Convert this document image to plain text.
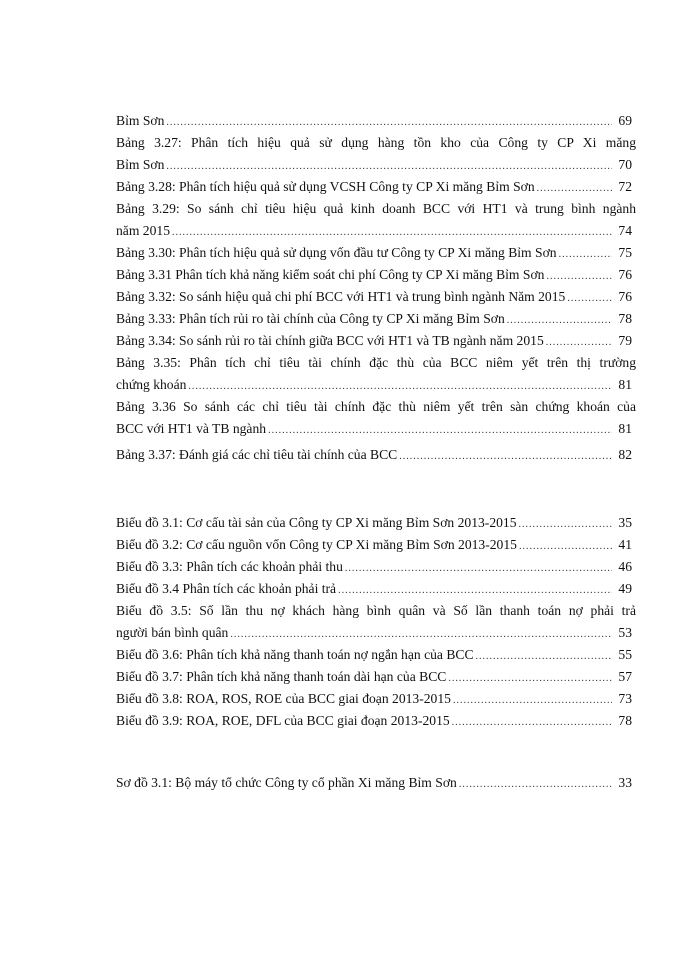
Bỉm Sơn .....	69
Bảng 3.27: Phân tích hiệu quả sử dụng hàng tồn kho của Công ty CP Xi măng
Bỉm Sơn .....	70
Bảng 3.28: Phân tích hiệu quả sử dụng VCSH Công ty CP Xi măng Bỉm Sơn .....	72
Bảng 3.29: So sánh chỉ tiêu hiệu quả kinh doanh BCC với HT1 và trung bình ngành
năm 2015 .....	74
Bảng 3.30: Phân tích hiệu quả sử dụng vốn đầu tư Công ty CP Xi măng Bỉm Sơn .....	75
Bảng 3.31 Phân tích khả năng kiểm soát chi phí Công ty CP Xi măng Bỉm Sơn .....	76
Bảng 3.32: So sánh hiệu quả chi phí BCC với HT1 và trung bình ngành Năm 2015 .....	76
Bảng 3.33: Phân tích rủi ro tài chính của Công ty CP Xi măng Bỉm Sơn .....	78
Bảng 3.34: So sánh rủi ro tài chính giữa BCC với HT1 và TB ngành năm 2015 .....	79
Bảng 3.35: Phân tích chỉ tiêu tài chính đặc thù của BCC niêm yết trên thị trường
chứng khoán .....	81
Bảng 3.36 So sánh các chỉ tiêu tài chính đặc thù niêm yết trên sàn chứng khoán của
BCC với HT1 và TB ngành .....	81
Bảng 3.37: Đánh giá các chỉ tiêu tài chính của BCC .....	82
Biểu đồ 3.1: Cơ cấu tài sản của Công ty CP Xi măng Bỉm Sơn 2013-2015 .....	35
Biểu đồ 3.2: Cơ cấu nguồn vốn Công ty CP Xi măng Bỉm Sơn 2013-2015 .....	41
Biểu đồ 3.3: Phân tích các khoản phải thu .....	46
Biểu đồ 3.4 Phân tích các khoản phải trả .....	49
Biểu đồ 3.5: Số lần thu nợ khách hàng bình quân và Số lần thanh toán nợ phải trả
người bán bình quân .....	53
Biểu đồ 3.6: Phân tích khả năng thanh toán nợ ngắn hạn của BCC .....	55
Biểu đồ 3.7: Phân tích khả năng thanh toán dài hạn của BCC .....	57
Biểu đồ 3.8: ROA, ROS, ROE của BCC giai đoạn 2013-2015 .....	73
Biểu đồ 3.9: ROA, ROE, DFL của BCC giai đoạn 2013-2015 .....	78
Sơ đồ 3.1: Bộ máy tổ chức Công ty cổ phần Xi măng Bỉm Sơn .....	33
